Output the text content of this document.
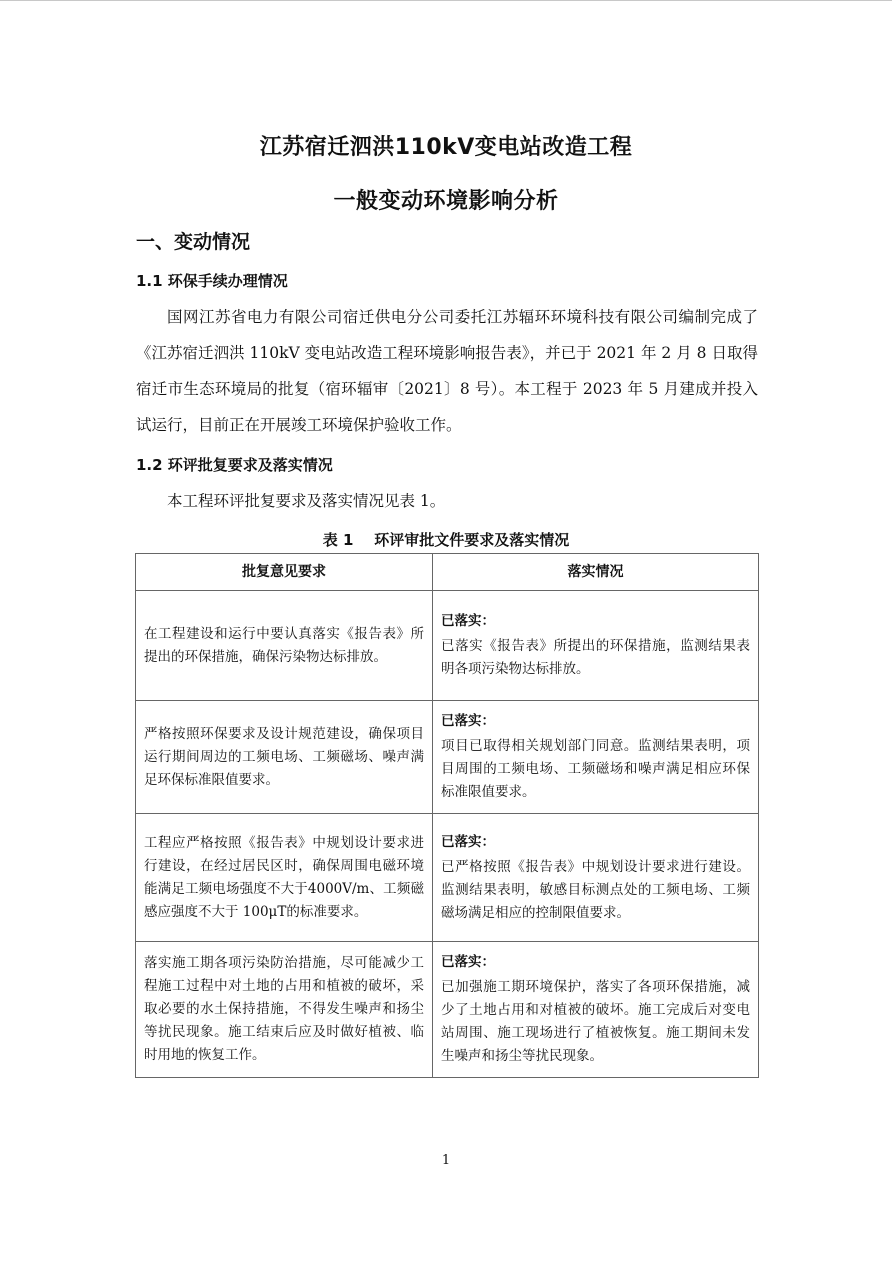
江苏宿迁泗洪110kV变电站改造工程
一般变动环境影响分析
一、变动情况
1.1 环保手续办理情况

国网江苏省电力有限公司宿迁供电分公司委托江苏辐环环境科技有限公司编制完成了《江苏宿迁泗洪 110kV 变电站改造工程环境影响报告表》，并已于 2021 年 2 月 8 日取得宿迁市生态环境局的批复（宿环辐审〔2021〕8 号）。本工程于 2023 年 5 月建成并投入试运行，目前正在开展竣工环境保护验收工作。

1.2 环评批复要求及落实情况

本工程环评批复要求及落实情况见表 1。

表 1    环评审批文件要求及落实情况
批复意见要求	落实情况
在工程建设和运行中要认真落实《报告表》所提出的环保措施，确保污染物达标排放。	已落实：
已落实《报告表》所提出的环保措施，监测结果表明各项污染物达标排放。
严格按照环保要求及设计规范建设，确保项目运行期间周边的工频电场、工频磁场、噪声满足环保标准限值要求。	已落实：
项目已取得相关规划部门同意。监测结果表明，项目周围的工频电场、工频磁场和噪声满足相应环保标准限值要求。
工程应严格按照《报告表》中规划设计要求进行建设，在经过居民区时，确保周围电磁环境能满足工频电场强度不大于4000V/m、工频磁感应强度不大于 100μT的标准要求。	已落实：
已严格按照《报告表》中规划设计要求进行建设。监测结果表明，敏感目标测点处的工频电场、工频磁场满足相应的控制限值要求。
落实施工期各项污染防治措施，尽可能减少工程施工过程中对土地的占用和植被的破坏，采取必要的水土保持措施，不得发生噪声和扬尘等扰民现象。施工结束后应及时做好植被、临时用地的恢复工作。	已落实：
已加强施工期环境保护，落实了各项环保措施，减少了土地占用和对植被的破坏。施工完成后对变电站周围、施工现场进行了植被恢复。施工期间未发生噪声和扬尘等扰民现象。
1
